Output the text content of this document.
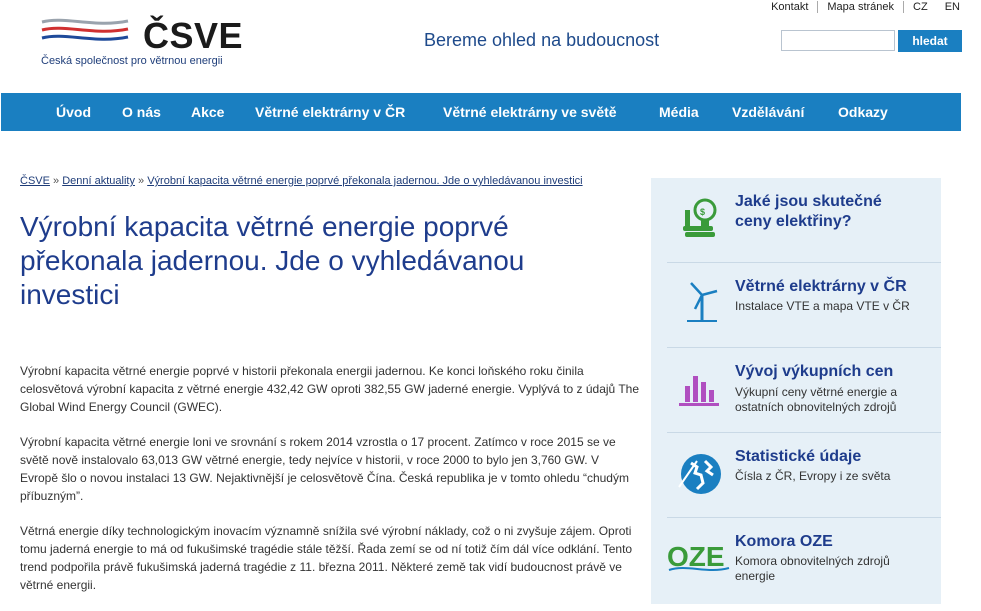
Kontakt	Mapa stránek	CZ	EN
ČSVE
Česká společnost pro větrnou energii
Bereme ohled na budoucnost	hledat
Úvod O nás Akce Větrné elektrárny v ČR	Větrné elektrárny ve světě	Média Vzdělávání Odkazy
ČSVE » Denní aktuality » Výrobní kapacita větrné energie poprvé překonala jadernou. Jde o vyhledávanou investici
Výrobní kapacita větrné energie poprvé překonala jadernou. Jde o vyhledávanou investici

Výrobní kapacita větrné energie poprvé v historii překonala energii jadernou. Ke konci loňského roku činila celosvětová výrobní kapacita z větrné energie 432,42 GW oproti 382,55 GW jaderné energie. Vyplývá to z údajů The Global Wind Energy Council (GWEC).

Výrobní kapacita větrné energie loni ve srovnání s rokem 2014 vzrostla o 17 procent. Zatímco v roce 2015 se ve světě nově instalovalo 63,013 GW větrné energie, tedy nejvíce v historii, v roce 2000 to bylo jen 3,760 GW. V Evropě šlo o novou instalaci 13 GW. Nejaktivnější je celosvětově Čína. Česká republika je v tomto ohledu “chudým příbuzným”.

Větrná energie díky technologickým inovacím významně snížila své výrobní náklady, což o ni zvyšuje zájem. Oproti tomu jaderná energie to má od fukušimské tragédie stále těžší. Řada zemí se od ní totiž čím dál více odklání. Tento trend podpořila právě fukušimská jaderná tragédie z 11. března 2011. Některé země tak vidí budoucnost právě ve větrné energii.

$
Jaké jsou skutečné
ceny elektřiny?
Větrné elektrárny v ČR
Instalace VTE a mapa VTE v ČR
Vývoj výkupních cen
Výkupní ceny větrné energie a
ostatních obnovitelných zdrojů
Statistické údaje
Čísla z ČR, Evropy i ze světa
OZE Komora OZE
Komora obnovitelných zdrojů
energie
